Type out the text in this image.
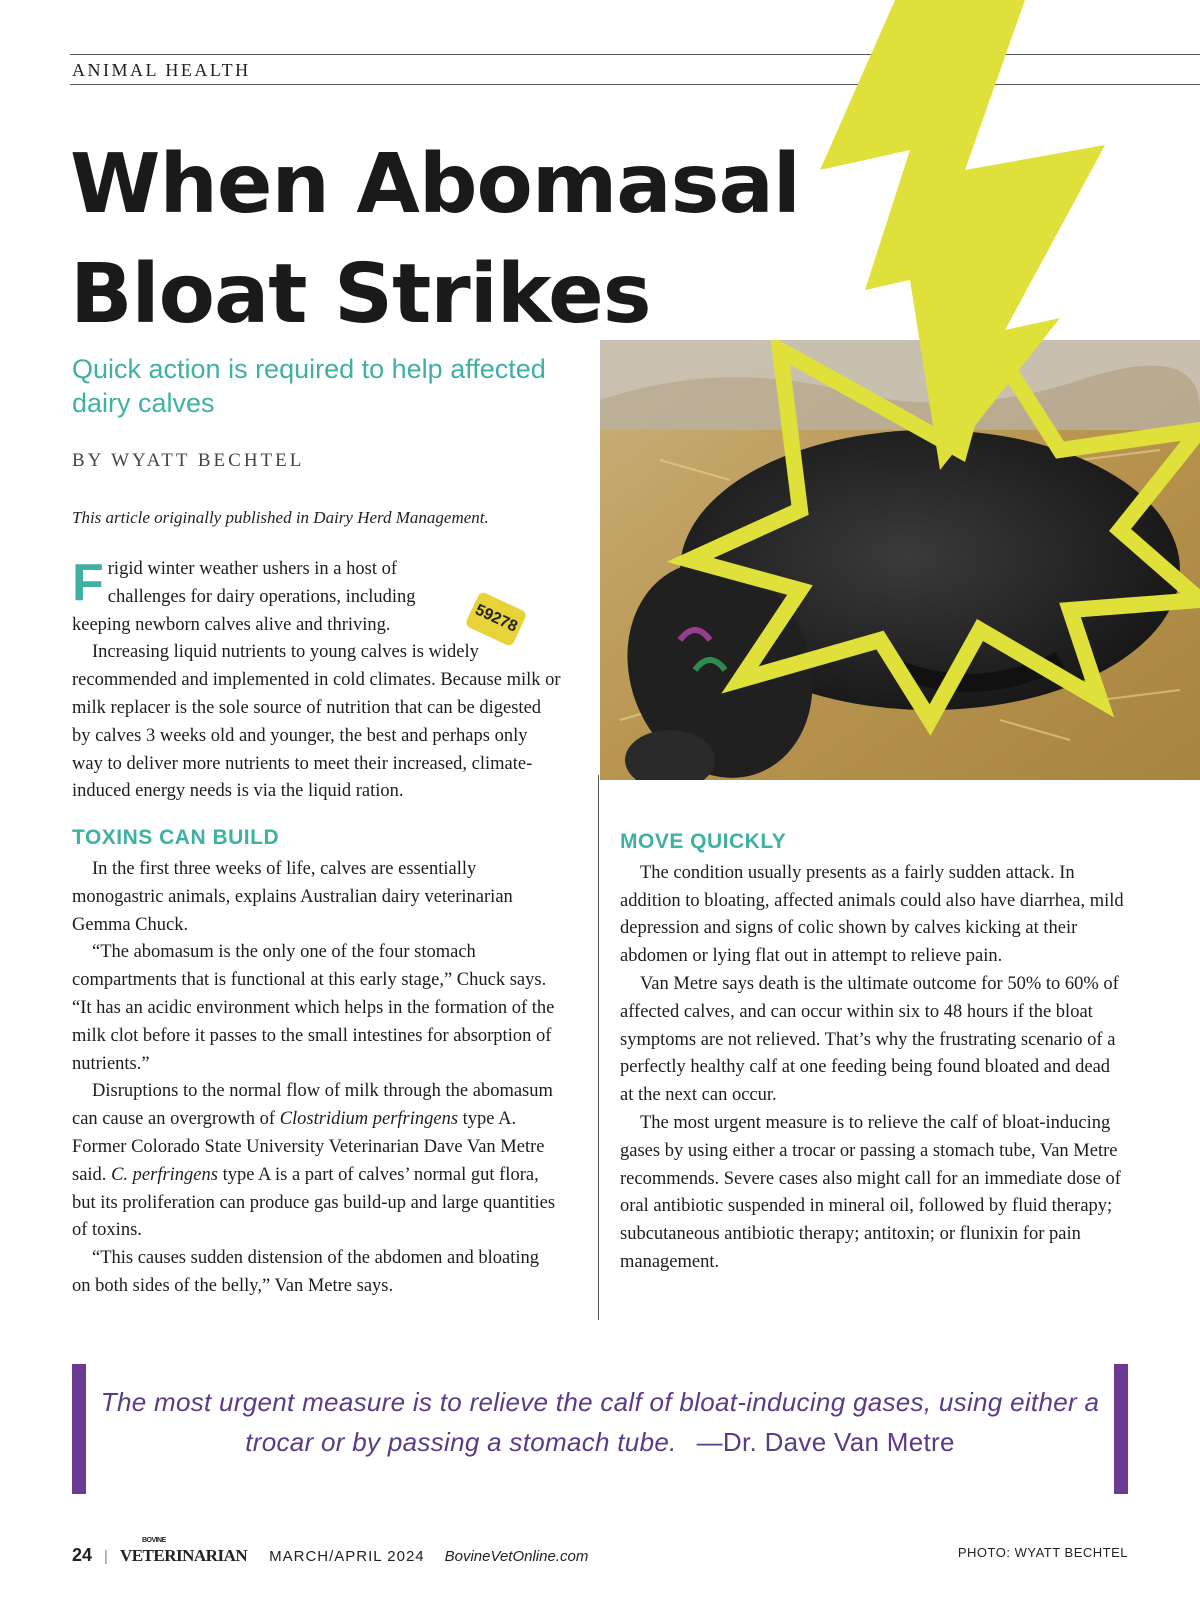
ANIMAL HEALTH
59278
When Abomasal
Bloat Strikes
Quick action is required to help affected dairy calves
BY WYATT BECHTEL
This article originally published in Dairy Herd Management.

Frigid winter weather ushers in a host of challenges for dairy operations, including keeping newborn calves alive and thriving.

Increasing liquid nutrients to young calves is widely recommended and implemented in cold climates. Because milk or milk replacer is the sole source of nutrition that can be digested by calves 3 weeks old and younger, the best and perhaps only way to deliver more nutrients to meet their increased, climate-induced energy needs is via the liquid ration.

TOXINS CAN BUILD

In the first three weeks of life, calves are essentially monogastric animals, explains Australian dairy veterinarian Gemma Chuck.

“The abomasum is the only one of the four stomach compartments that is functional at this early stage,” Chuck says. “It has an acidic environment which helps in the formation of the milk clot before it passes to the small intestines for absorption of nutrients.”

Disruptions to the normal flow of milk through the abomasum can cause an overgrowth of Clostridium perfringens type A. Former Colorado State University Veterinarian Dave Van Metre said. C. perfringens type A is a part of calves’ normal gut flora, but its proliferation can produce gas build-up and large quantities of toxins.

“This causes sudden distension of the abdomen and bloating on both sides of the belly,” Van Metre says.

MOVE QUICKLY

The condition usually presents as a fairly sudden attack. In addition to bloating, affected animals could also have diarrhea, mild depression and signs of colic shown by calves kicking at their abdomen or lying flat out in attempt to relieve pain.

Van Metre says death is the ultimate outcome for 50% to 60% of affected calves, and can occur within six to 48 hours if the bloat symptoms are not relieved. That’s why the frustrating scenario of a perfectly healthy calf at one feeding being found bloated and dead at the next can occur.

The most urgent measure is to relieve the calf of bloat-inducing gases by using either a trocar or passing a stomach tube, Van Metre recommends. Severe cases also might call for an immediate dose of oral antibiotic suspended in mineral oil, followed by fluid therapy; subcutaneous antibiotic therapy; antitoxin; or flunixin for pain management.

The most urgent measure is to relieve the calf of bloat-inducing gases, using either a trocar or by passing a stomach tube. —Dr. Dave Van Metre
24 |
BOVINE
VETERINARIAN MARCH/APRIL 2024 BovineVetOnline.com	PHOTO: WYATT BECHTEL
